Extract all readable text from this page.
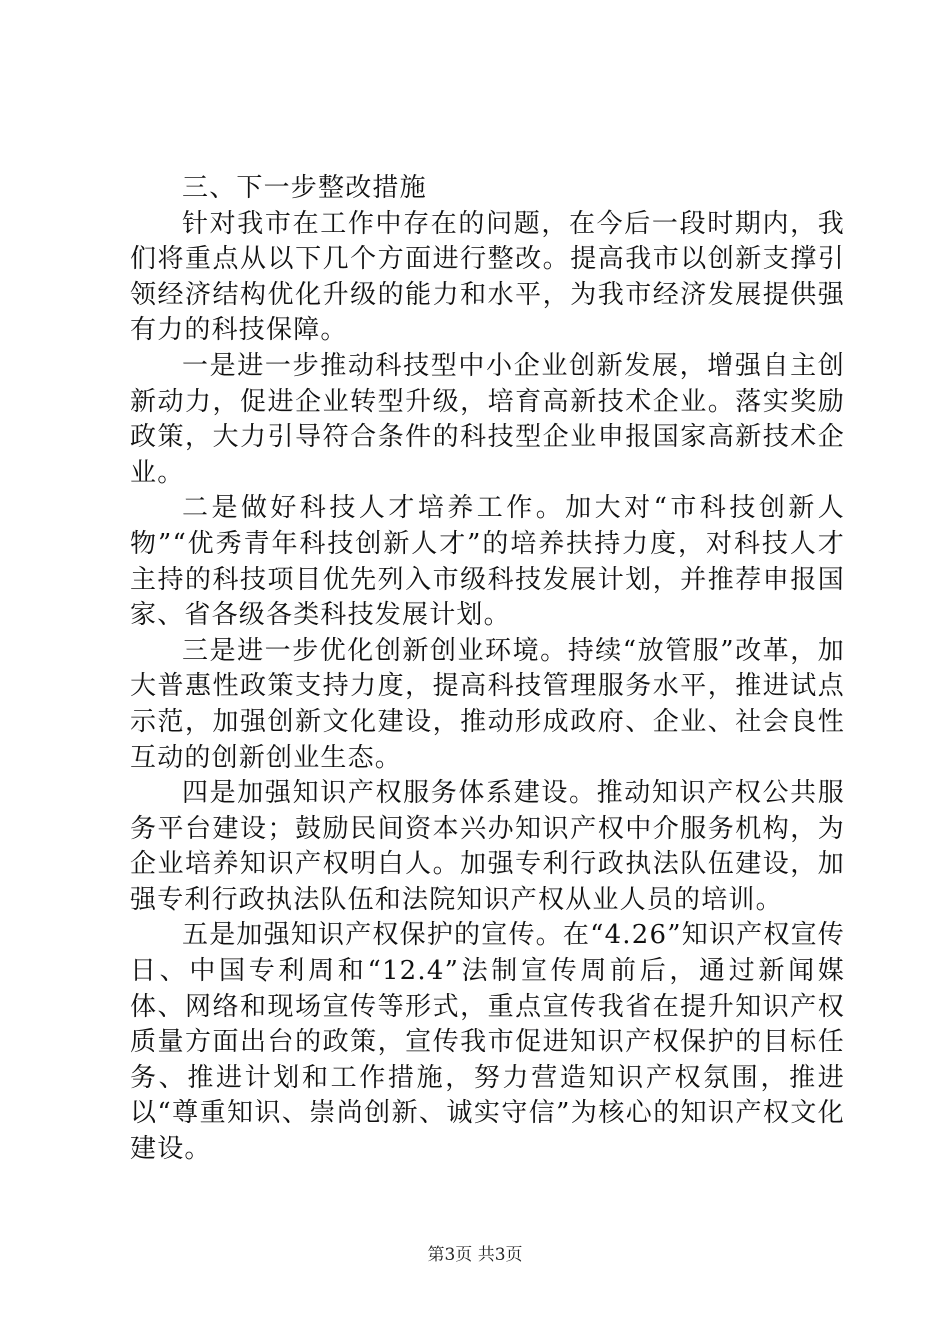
三、下一步整改措施

针对我市在工作中存在的问题，在今后一段时期内，我们将重点从以下几个方面进行整改。提高我市以创新支撑引领经济结构优化升级的能力和水平，为我市经济发展提供强有力的科技保障。

一是进一步推动科技型中小企业创新发展，增强自主创新动力，促进企业转型升级，培育高新技术企业。落实奖励政策，大力引导符合条件的科技型企业申报国家高新技术企业。

二是做好科技人才培养工作。加大对“市科技创新人物”“优秀青年科技创新人才”的培养扶持力度，对科技人才主持的科技项目优先列入市级科技发展计划，并推荐申报国家、省各级各类科技发展计划。

三是进一步优化创新创业环境。持续“放管服”改革，加大普惠性政策支持力度，提高科技管理服务水平，推进试点示范，加强创新文化建设，推动形成政府、企业、社会良性互动的创新创业生态。

四是加强知识产权服务体系建设。推动知识产权公共服务平台建设；鼓励民间资本兴办知识产权中介服务机构，为企业培养知识产权明白人。加强专利行政执法队伍建设，加强专利行政执法队伍和法院知识产权从业人员的培训。

五是加强知识产权保护的宣传。在“4.26”知识产权宣传日、中国专利周和“12.4”法制宣传周前后，通过新闻媒体、网络和现场宣传等形式，重点宣传我省在提升知识产权质量方面出台的政策，宣传我市促进知识产权保护的目标任务、推进计划和工作措施，努力营造知识产权氛围，推进以“尊重知识、崇尚创新、诚实守信”为核心的知识产权文化建设。

第3页 共3页
